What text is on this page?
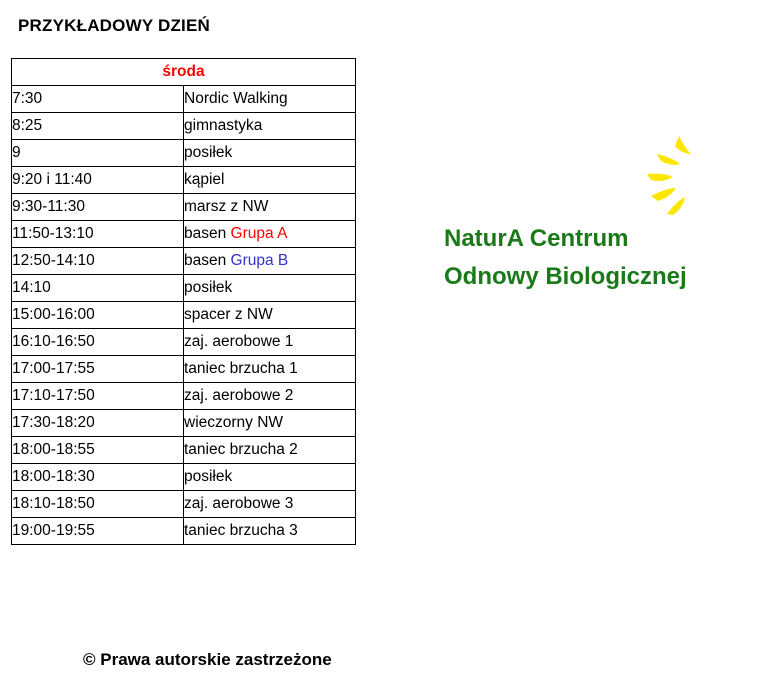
PRZYKŁADOWY DZIEŃ
środa	
7:30	Nordic Walking
8:25	gimnastyka
9	posiłek
9:20 i 11:40	kąpiel
9:30-11:30	marsz z NW
11:50-13:10	basen Grupa A
12:50-14:10	basen Grupa B
14:10	posiłek
15:00-16:00	spacer z NW
16:10-16:50	zaj. aerobowe 1
17:00-17:55	taniec brzucha 1
17:10-17:50	zaj. aerobowe 2
17:30-18:20	wieczorny NW
18:00-18:55	taniec brzucha 2
18:00-18:30	posiłek
18:10-18:50	zaj. aerobowe 3
19:00-19:55	taniec brzucha 3
NaturA Centrum
Odnowy Biologicznej
© Prawa autorskie zastrzeżone
